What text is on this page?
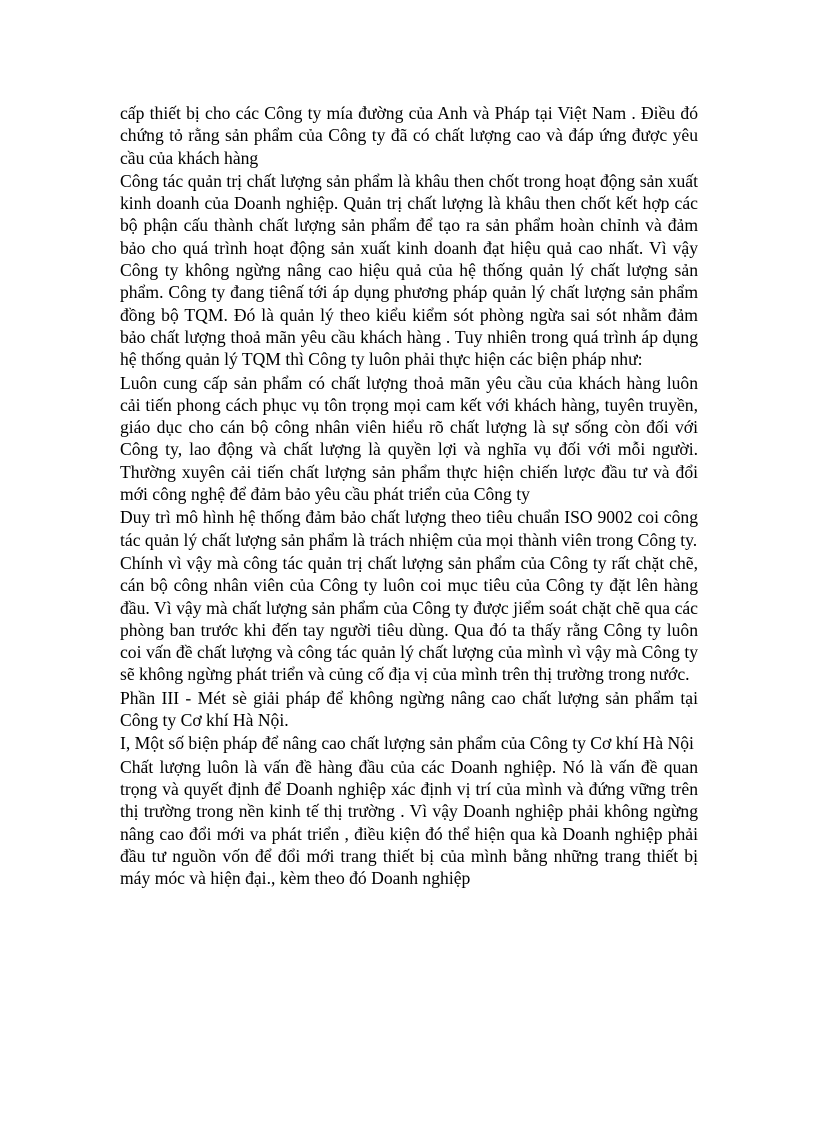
cấp thiết bị cho các Công ty mía đường của Anh và Pháp tại Việt Nam . Điều đó chứng tỏ rằng sản phẩm của Công ty đã có chất lượng cao và đáp ứng được yêu cầu của khách hàng

Công tác quản trị chất lượng sản phẩm là khâu then chốt trong hoạt động sản xuất kinh doanh của Doanh nghiệp. Quản trị chất lượng là khâu then chốt kết hợp các bộ phận cấu thành chất lượng sản phẩm để tạo ra sản phẩm hoàn chỉnh và đảm bảo cho quá trình hoạt động sản xuất kinh doanh đạt hiệu quả cao nhất. Vì vậy Công ty không ngừng nâng cao hiệu quả của hệ thống quản lý chất lượng sản phẩm. Công ty đang tiênấ tới áp dụng phương pháp quản lý chất lượng sản phẩm đồng bộ TQM. Đó là quản lý theo kiểu kiểm sót phòng ngừa sai sót nhằm đảm bảo chất lượng thoả mãn yêu cầu khách hàng . Tuy nhiên trong quá trình áp dụng hệ thống quản lý TQM thì Công ty luôn phải thực hiện các biện pháp như:

Luôn cung cấp sản phẩm có chất lượng thoả mãn yêu cầu của khách hàng luôn cải tiến phong cách phục vụ tôn trọng mọi cam kết với khách hàng, tuyên truyền, giáo dục cho cán bộ công nhân viên hiểu rõ chất lượng là sự sống còn đối với Công ty, lao động và chất lượng là quyền lợi và nghĩa vụ đối với mỗi người. Thường xuyên cải tiến chất lượng sản phẩm thực hiện chiến lược đầu tư và đổi mới công nghệ để đảm bảo yêu cầu phát triển của Công ty

Duy trì mô hình hệ thống đảm bảo chất lượng theo tiêu chuẩn ISO 9002 coi công tác quản lý chất lượng sản phẩm là trách nhiệm của mọi thành viên trong Công ty.

Chính vì vậy mà công tác quản trị chất lượng sản phẩm của Công ty rất chặt chẽ, cán bộ công nhân viên của Công ty luôn coi mục tiêu của Công ty đặt lên hàng đầu. Vì vậy mà chất lượng sản phẩm của Công ty được jiểm soát chặt chẽ qua các phòng ban trước khi đến tay người tiêu dùng. Qua đó ta thấy rằng Công ty luôn coi vấn đề chất lượng và công tác quản lý chất lượng của mình vì vậy mà Công ty sẽ không ngừng phát triển và củng cố địa vị của mình trên thị trường trong nước.

Phần III - Mét sè giải pháp để không ngừng nâng cao chất lượng sản phẩm tại Công ty Cơ khí Hà Nội.

I, Một số biện pháp để nâng cao chất lượng sản phẩm của Công ty Cơ khí Hà Nội

Chất lượng luôn là vấn đề hàng đầu của các Doanh nghiệp. Nó là vấn đề quan trọng và quyết định để Doanh nghiệp xác định vị trí của mình và đứng vững trên thị trường trong nền kinh tế thị trường . Vì vậy Doanh nghiệp phải không ngừng nâng cao đổi mới va phát triển , điều kiện đó thể hiện qua kà Doanh nghiệp phải đầu tư nguồn vốn để đổi mới trang thiết bị của mình bằng những trang thiết bị máy móc và hiện đại., kèm theo đó Doanh nghiệp
